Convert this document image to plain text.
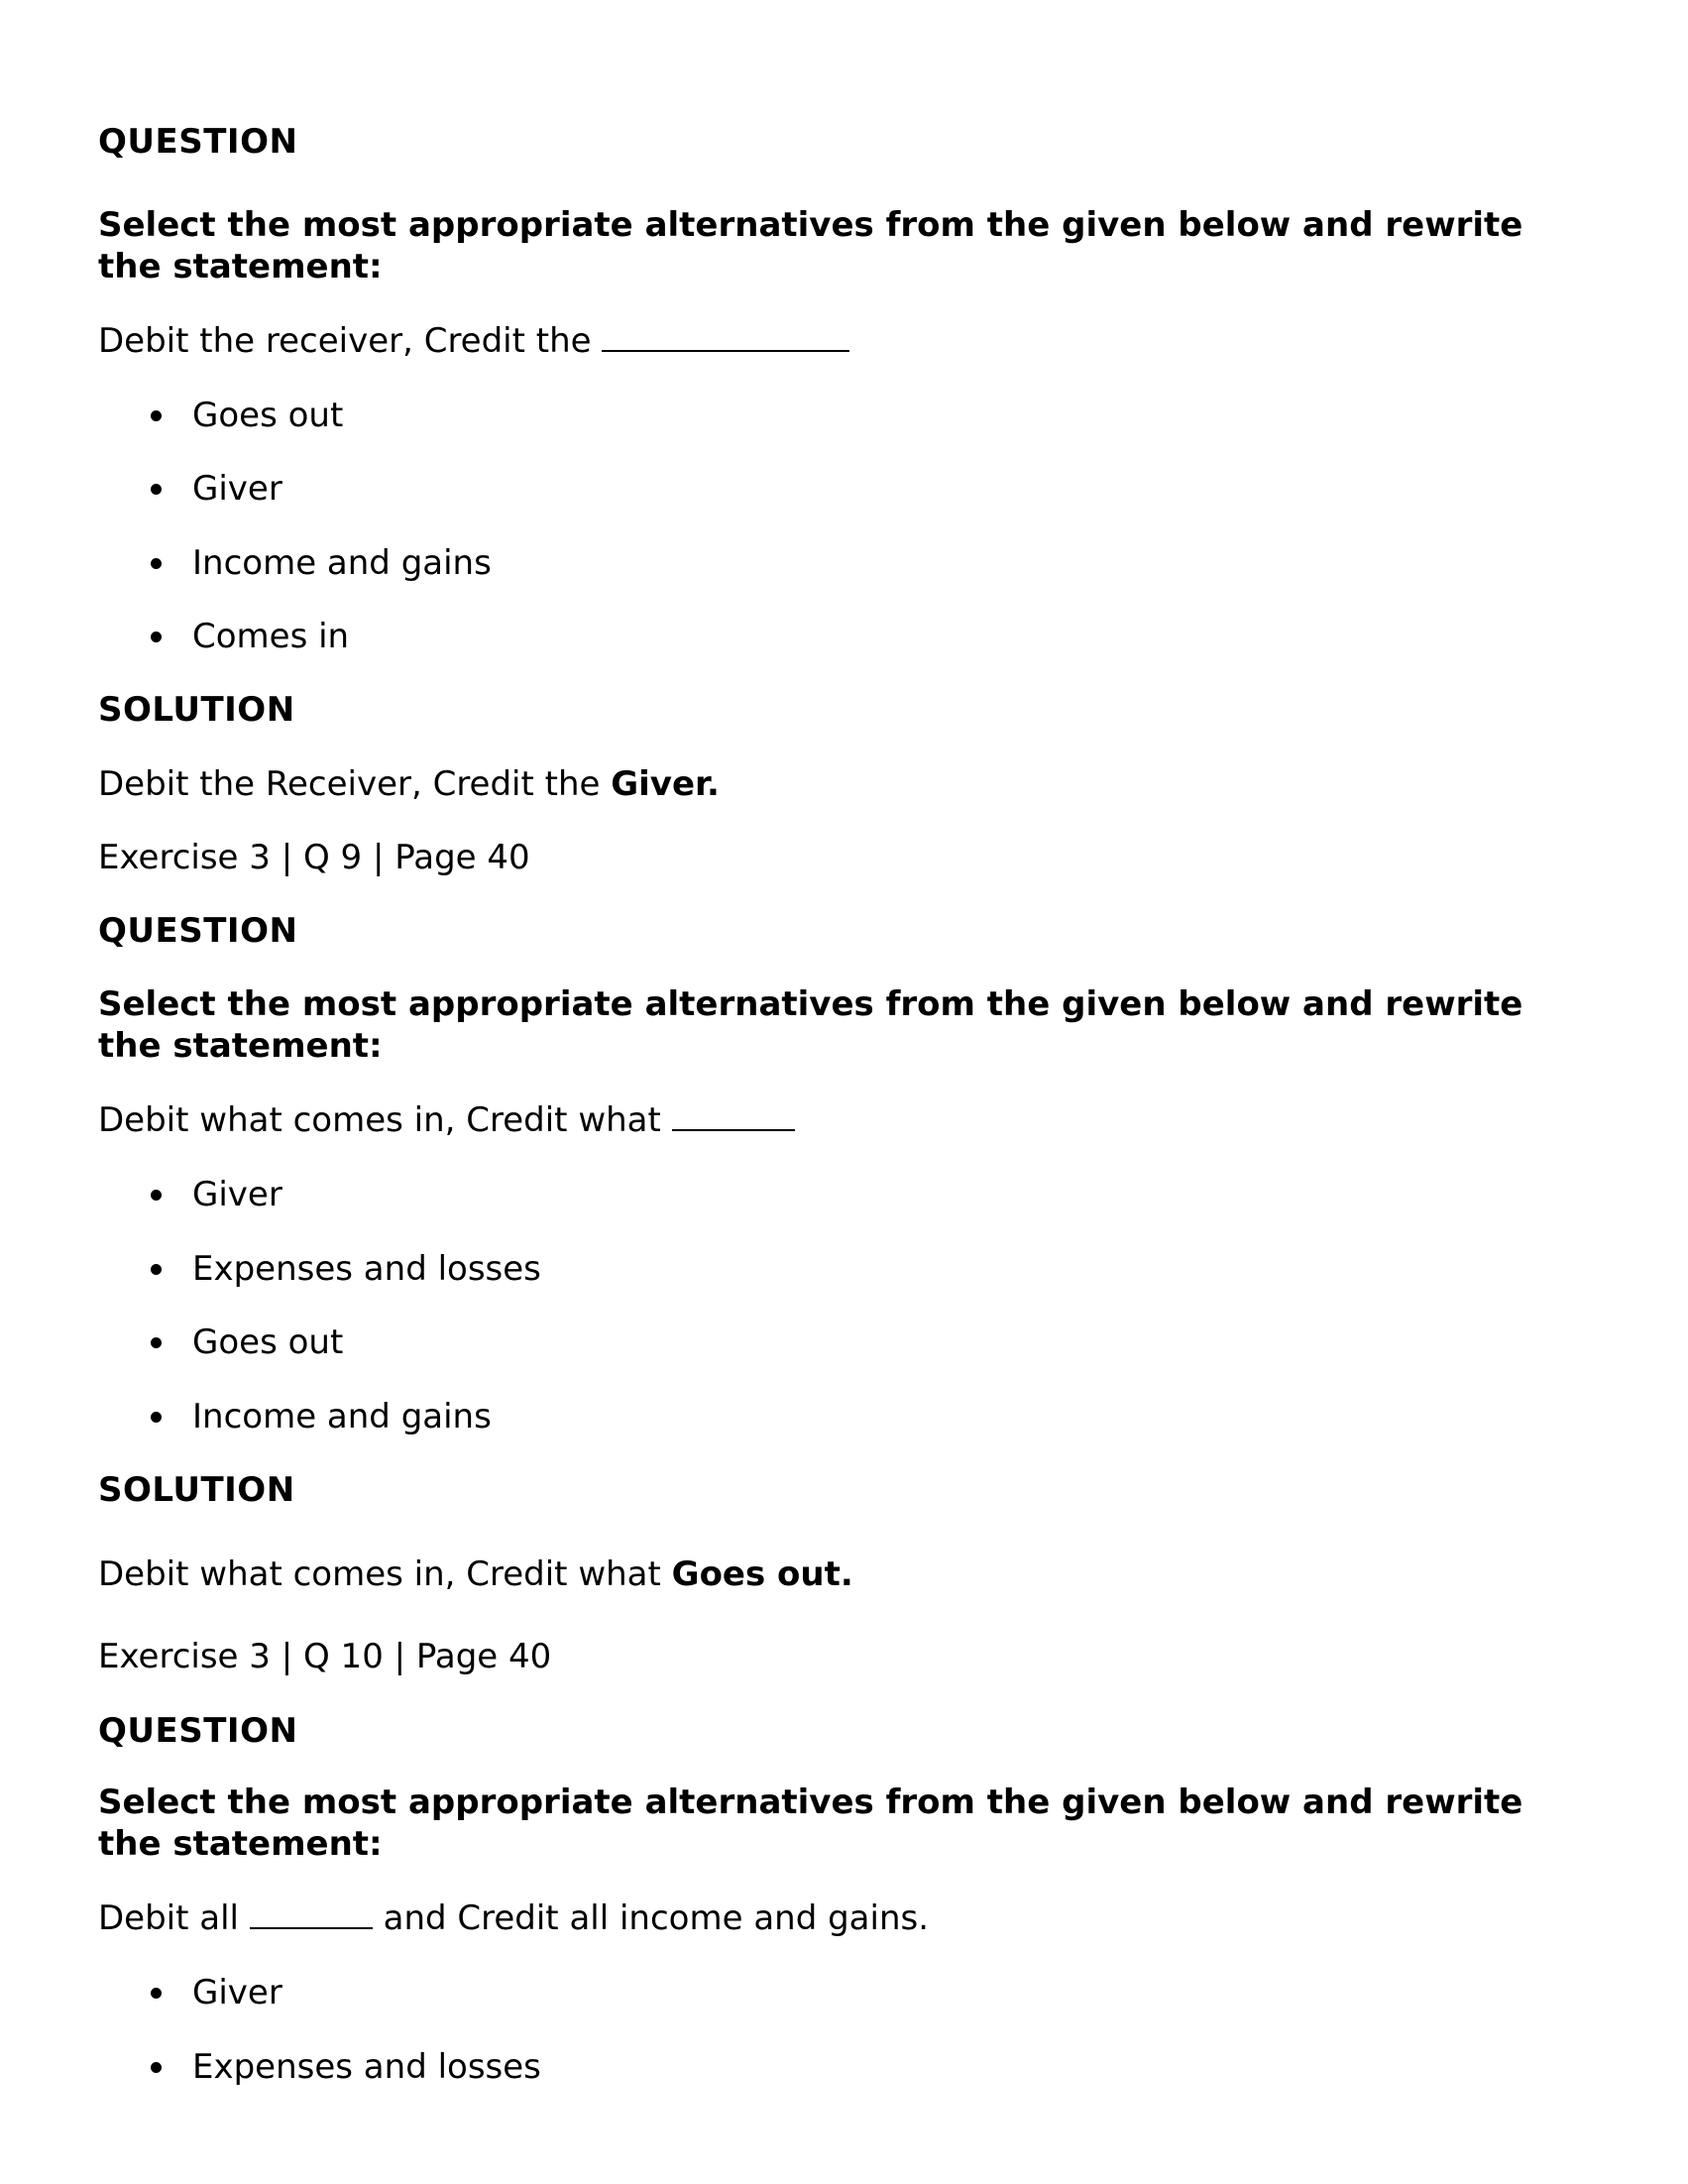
QUESTION
Select the most appropriate alternatives from the given below and rewrite the statement:
Debit the receiver, Credit the
Goes out
Giver
Income and gains
Comes in
SOLUTION
Debit the Receiver, Credit the Giver.
Exercise 3 | Q 9 | Page 40
QUESTION
Select the most appropriate alternatives from the given below and rewrite the statement:
Debit what comes in, Credit what
Giver
Expenses and losses
Goes out
Income and gains
SOLUTION
Debit what comes in, Credit what Goes out.
Exercise 3 | Q 10 | Page 40
QUESTION
Select the most appropriate alternatives from the given below and rewrite the statement:
Debit all	and Credit all income and gains.
Giver
Expenses and losses
